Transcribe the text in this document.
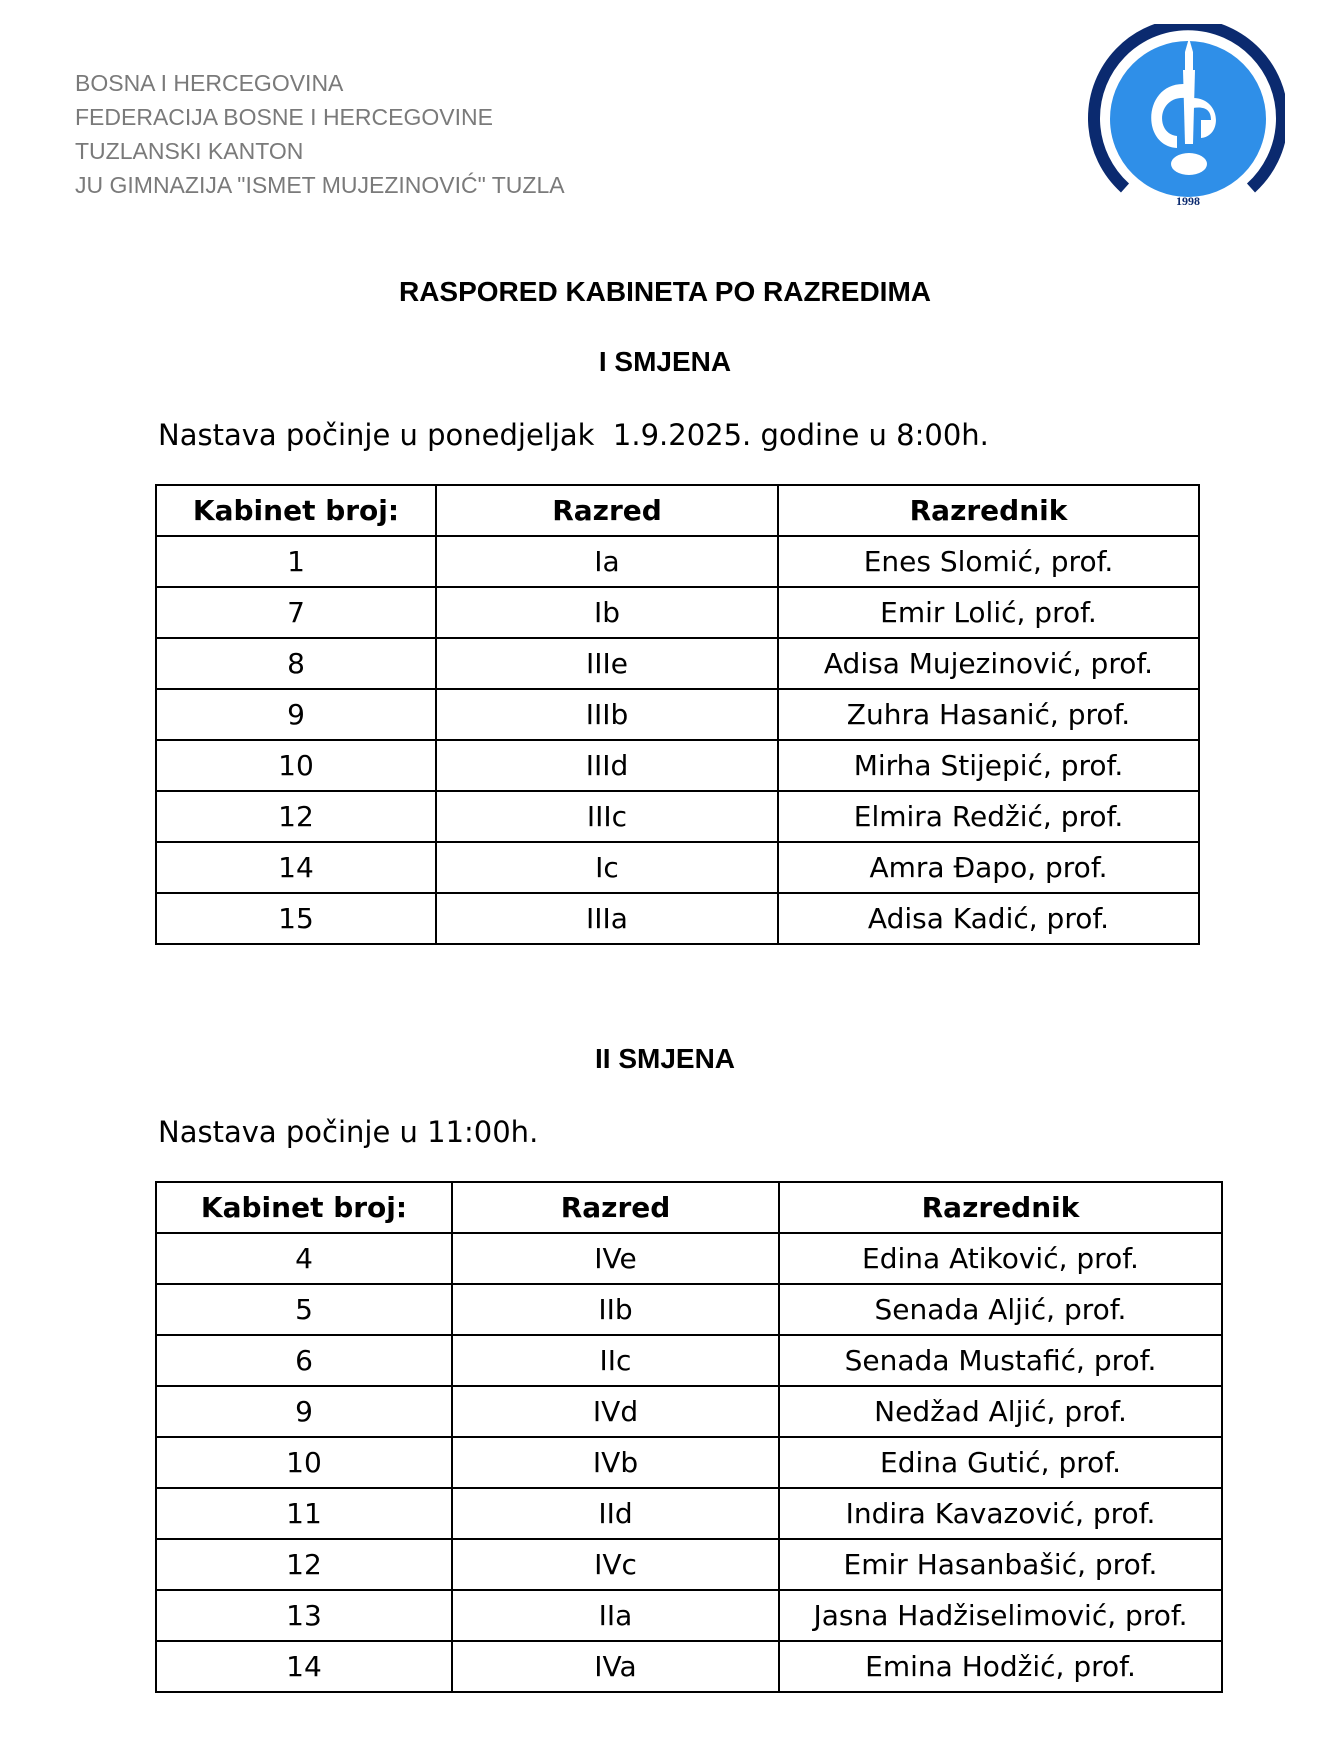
BOSNA I HERCEGOVINA
FEDERACIJA BOSNE I HERCEGOVINE
TUZLANSKI KANTON
JU GIMNAZIJA "ISMET MUJEZINOVIĆ" TUZLA
1998
RASPORED KABINETA PO RAZREDIMA
I SMJENA
Nastava počinje u ponedjeljak  1.9.2025. godine u 8:00h.
Kabinet broj:	Razred	Razrednik
1	Ia	Enes Slomić, prof.
7	Ib	Emir Lolić, prof.
8	IIIe	Adisa Mujezinović, prof.
9	IIIb	Zuhra Hasanić, prof.
10	IIId	Mirha Stijepić, prof.
12	IIIc	Elmira Redžić, prof.
14	Ic	Amra Đapo, prof.
15	IIIa	Adisa Kadić, prof.
II SMJENA
Nastava počinje u 11:00h.
Kabinet broj:	Razred	Razrednik
4	IVe	Edina Atiković, prof.
5	IIb	Senada Aljić, prof.
6	IIc	Senada Mustafić, prof.
9	IVd	Nedžad Aljić, prof.
10	IVb	Edina Gutić, prof.
11	IId	Indira Kavazović, prof.
12	IVc	Emir Hasanbašić, prof.
13	IIa	Jasna Hadžiselimović, prof.
14	IVa	Emina Hodžić, prof.
